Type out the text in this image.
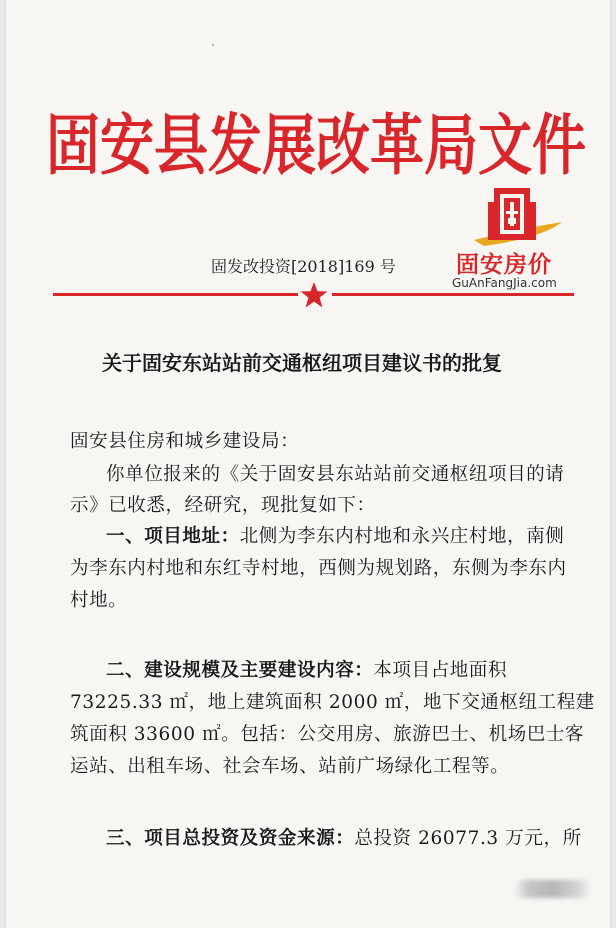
固安县发展改革局文件
固发改投资[2018]169 号	固安房价
GuAnFangJia.com
关于固安东站站前交通枢纽项目建议书的批复
固安县住房和城乡建设局：
你单位报来的《关于固安县东站站前交通枢纽项目的请
示》已收悉，经研究，现批复如下：
一、项目地址：北侧为李东内村地和永兴庄村地，南侧
为李东内村地和东红寺村地，西侧为规划路，东侧为李东内
村地。
二、建设规模及主要建设内容：本项目占地面积
73225.33 ㎡，地上建筑面积 2000 ㎡，地下交通枢纽工程建
筑面积 33600 ㎡。包括：公交用房、旅游巴士、机场巴士客
运站、出租车场、社会车场、站前广场绿化工程等。
三、项目总投资及资金来源：总投资 26077.3 万元，所
